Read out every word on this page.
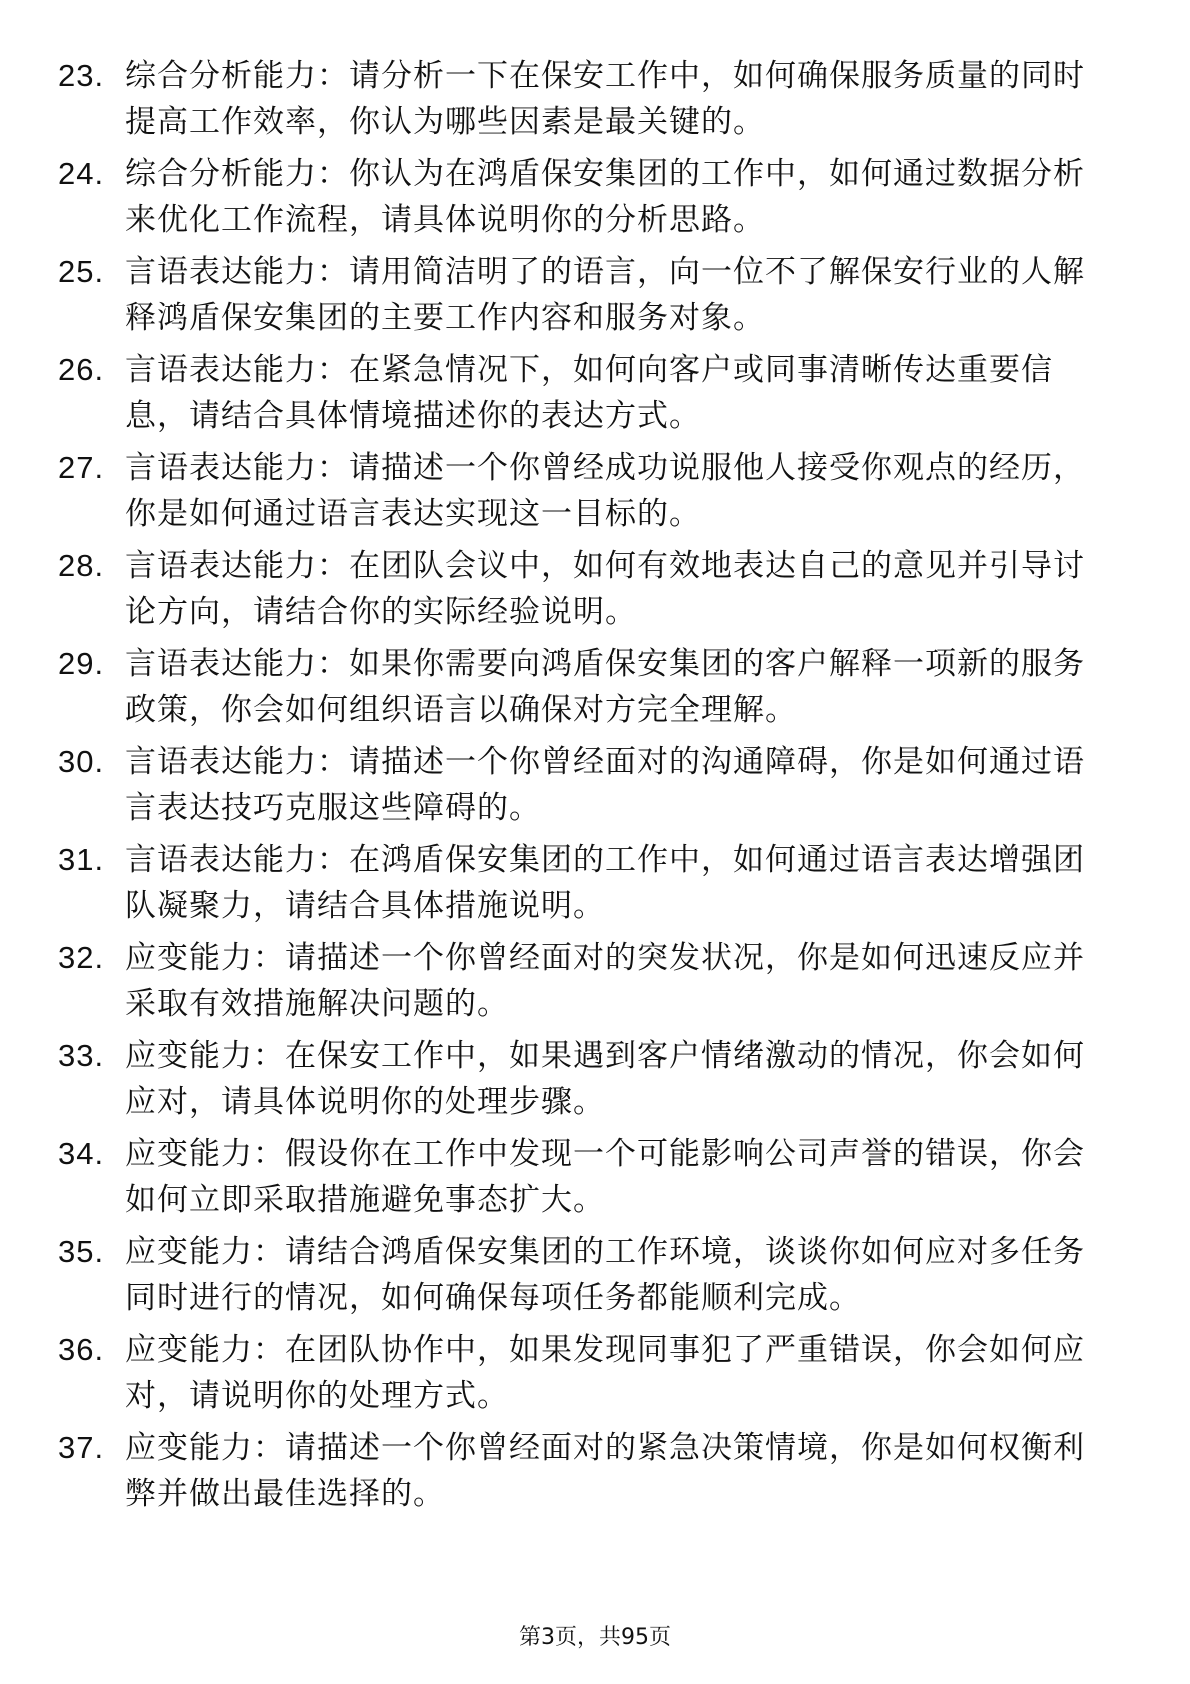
23. 综合分析能力：请分析一下在保安工作中，如何确保服务质量的同时提高工作效率，你认为哪些因素是最关键的。
24. 综合分析能力：你认为在鸿盾保安集团的工作中，如何通过数据分析来优化工作流程，请具体说明你的分析思路。
25. 言语表达能力：请用简洁明了的语言，向一位不了解保安行业的人解释鸿盾保安集团的主要工作内容和服务对象。
26. 言语表达能力：在紧急情况下，如何向客户或同事清晰传达重要信息，请结合具体情境描述你的表达方式。
27. 言语表达能力：请描述一个你曾经成功说服他人接受你观点的经历，你是如何通过语言表达实现这一目标的。
28. 言语表达能力：在团队会议中，如何有效地表达自己的意见并引导讨论方向，请结合你的实际经验说明。
29. 言语表达能力：如果你需要向鸿盾保安集团的客户解释一项新的服务政策，你会如何组织语言以确保对方完全理解。
30. 言语表达能力：请描述一个你曾经面对的沟通障碍，你是如何通过语言表达技巧克服这些障碍的。
31. 言语表达能力：在鸿盾保安集团的工作中，如何通过语言表达增强团队凝聚力，请结合具体措施说明。
32. 应变能力：请描述一个你曾经面对的突发状况，你是如何迅速反应并采取有效措施解决问题的。
33. 应变能力：在保安工作中，如果遇到客户情绪激动的情况，你会如何应对，请具体说明你的处理步骤。
34. 应变能力：假设你在工作中发现一个可能影响公司声誉的错误，你会如何立即采取措施避免事态扩大。
35. 应变能力：请结合鸿盾保安集团的工作环境，谈谈你如何应对多任务同时进行的情况，如何确保每项任务都能顺利完成。
36. 应变能力：在团队协作中，如果发现同事犯了严重错误，你会如何应对，请说明你的处理方式。
37. 应变能力：请描述一个你曾经面对的紧急决策情境，你是如何权衡利弊并做出最佳选择的。
第3页，共95页
